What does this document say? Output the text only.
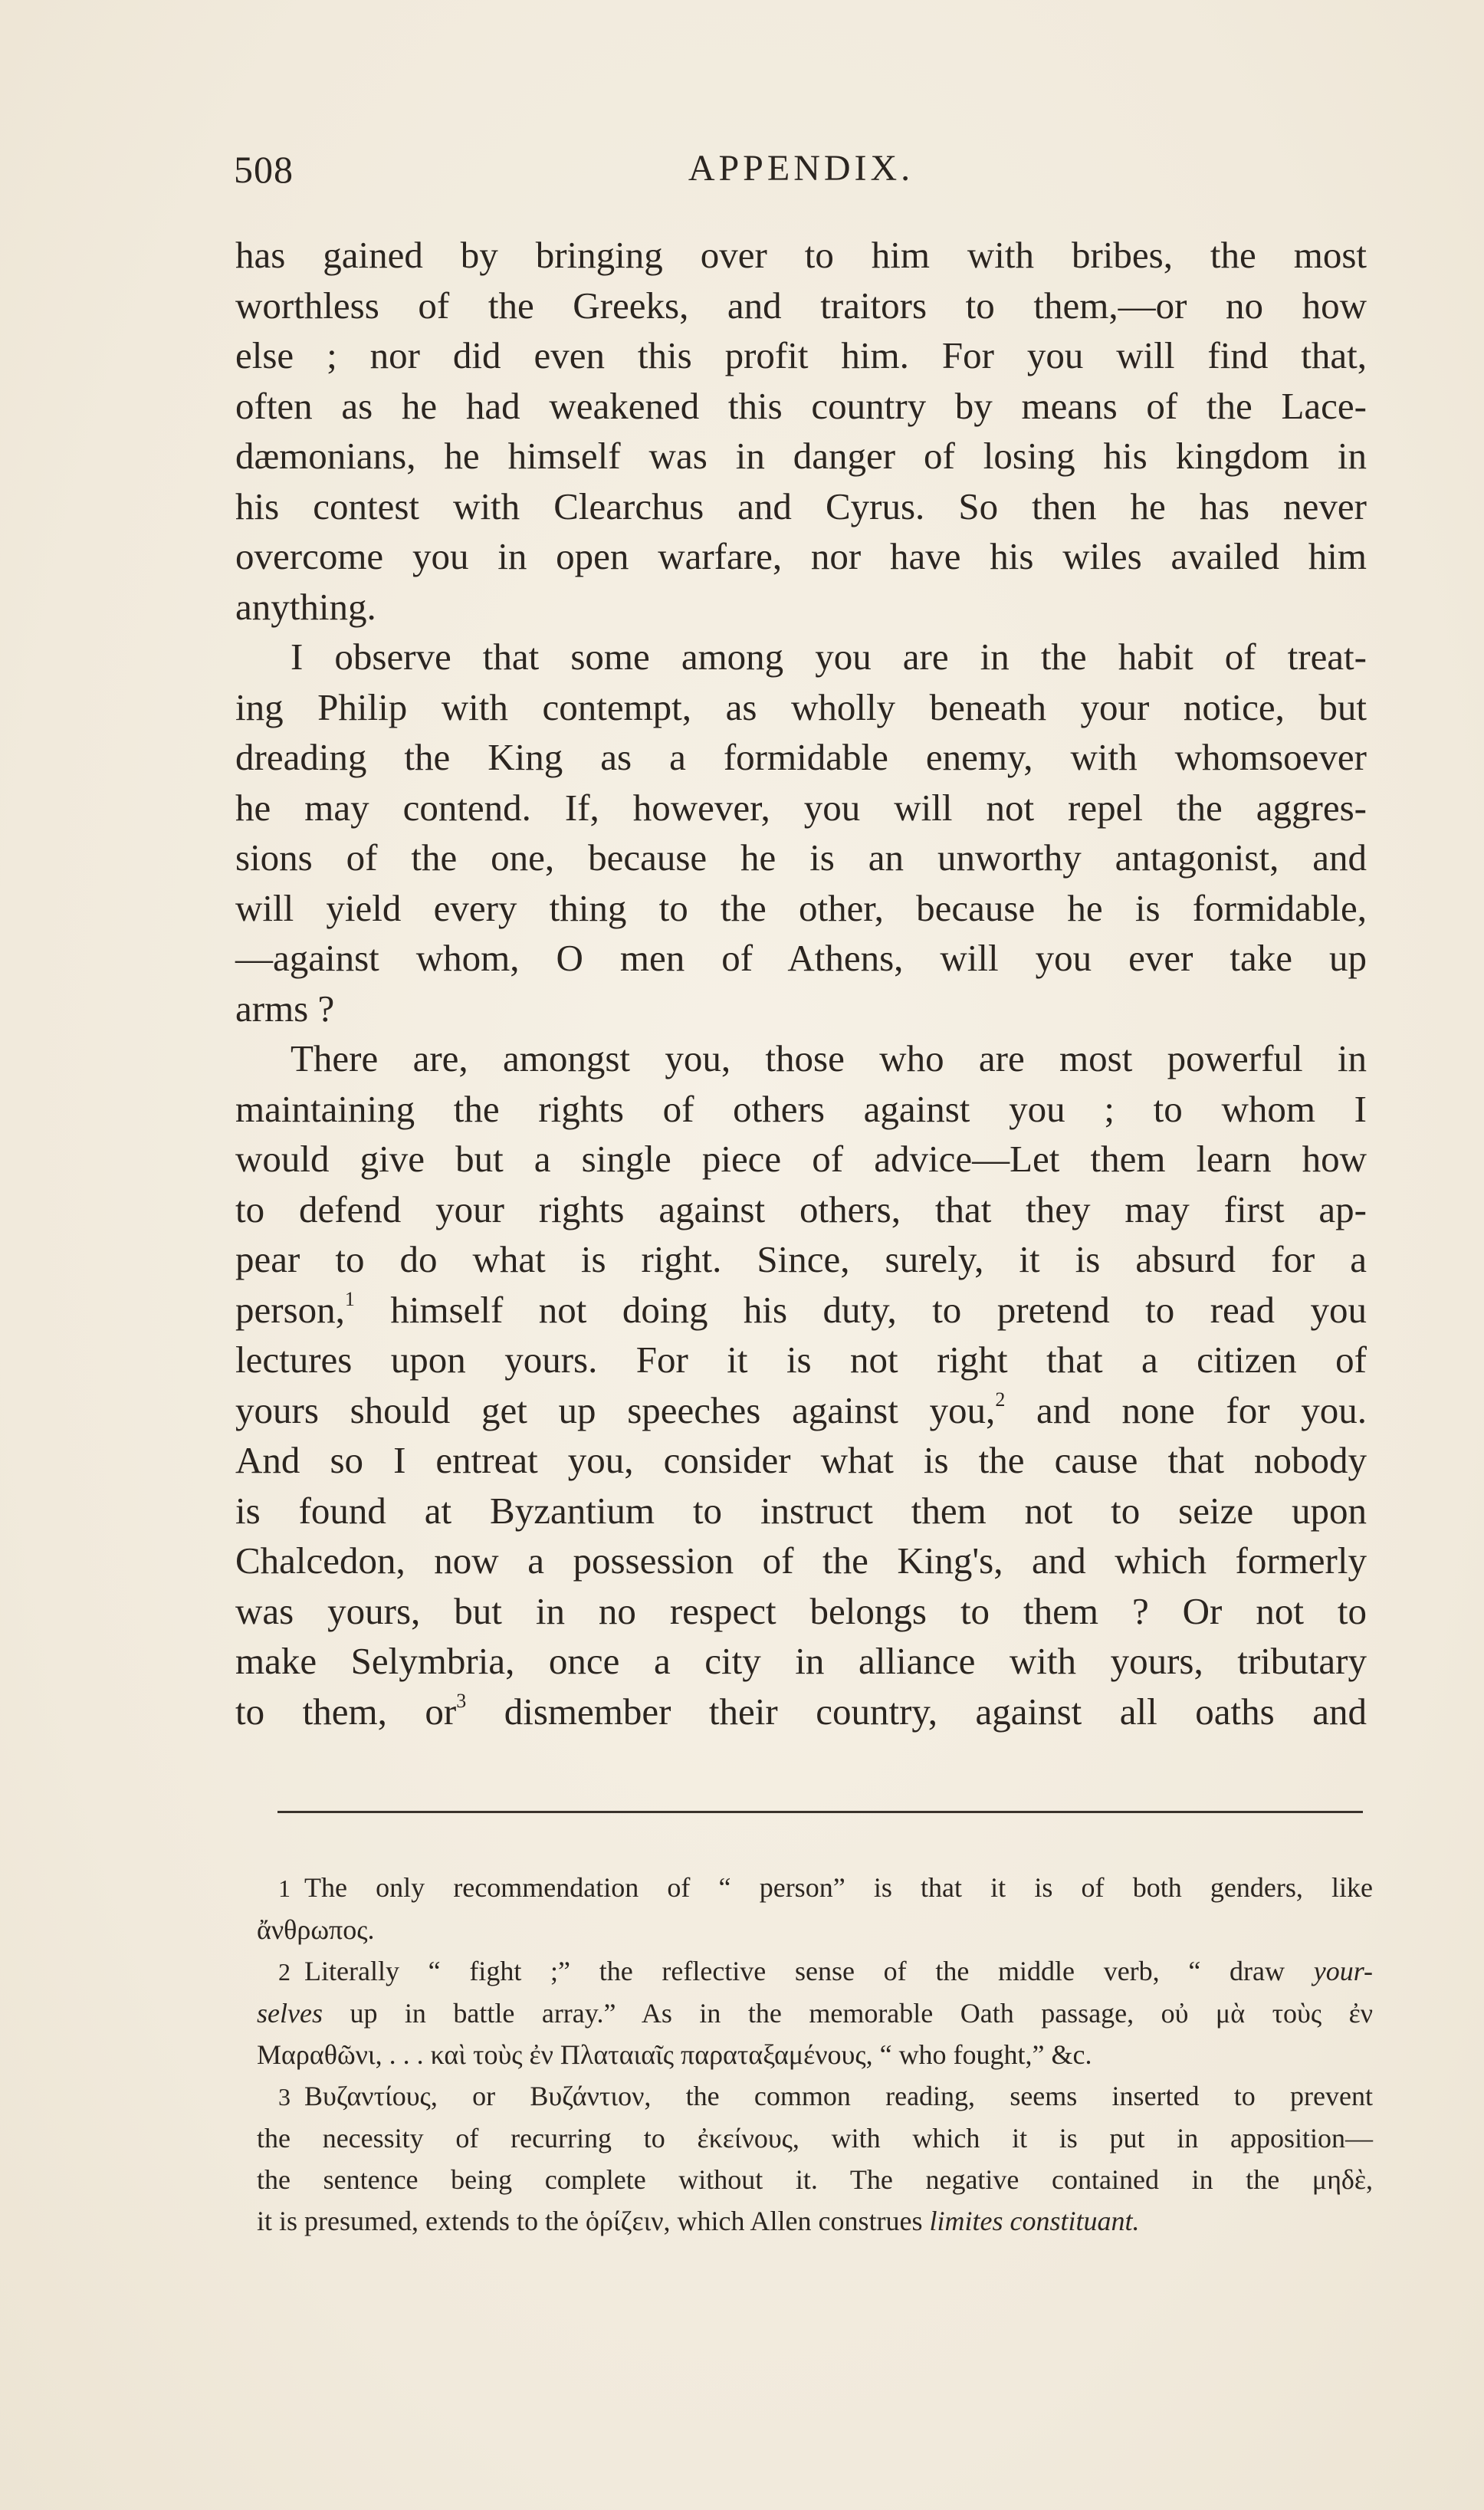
508	APPENDIX.
has gained by bringing over to him with bribes, the most
worthless of the Greeks, and traitors to them,—or no how
else ; nor did even this profit him. For you will find that,
often as he had weakened this country by means of the Lace-
dæmonians, he himself was in danger of losing his kingdom in
his contest with Clearchus and Cyrus. So then he has never
overcome you in open warfare, nor have his wiles availed him
anything.
I observe that some among you are in the habit of treat-
ing Philip with contempt, as wholly beneath your notice, but
dreading the King as a formidable enemy, with whomsoever
he may contend. If, however, you will not repel the aggres-
sions of the one, because he is an unworthy antagonist, and
will yield every thing to the other, because he is formidable,
—against whom, O men of Athens, will you ever take up
arms ?
There are, amongst you, those who are most powerful in
maintaining the rights of others against you ; to whom I
would give but a single piece of advice—Let them learn how
to defend your rights against others, that they may first ap-
pear to do what is right. Since, surely, it is absurd for a
person,$^1$ himself not doing his duty, to pretend to read you
lectures upon yours. For it is not right that a citizen of
yours should get up speeches against you,$^2$ and none for you.
And so I entreat you, consider what is the cause that nobody
is found at Byzantium to instruct them not to seize upon
Chalcedon, now a possession of the King's, and which formerly
was yours, but in no respect belongs to them ? Or not to
make Selymbria, once a city in alliance with yours, tributary
to them, $or^3$ dismember their country, against all oaths and
1 The only recommendation of “ person” is that it is of both genders, like
ἄνθρωπος.
2 Literally “ fight ;” the reflective sense of the middle verb, “ draw your-
selves up in battle array.” As in the memorable Oath passage, οὐ μὰ τοὺς ἐν
Μαραθῶνι, . . . καὶ τοὺς ἐν Πλαταιαῖς παραταξαμένους, “ who fought,” &c.
3 Βυζαντίους, or Βυζάντιον, the common reading, seems inserted to prevent
the necessity of recurring to ἐκείνους, with which it is put in apposition—
the sentence being complete without it. The negative contained in the μηδὲ,
it is presumed, extends to the ὁρίζειν, which Allen construes limites constituant.
